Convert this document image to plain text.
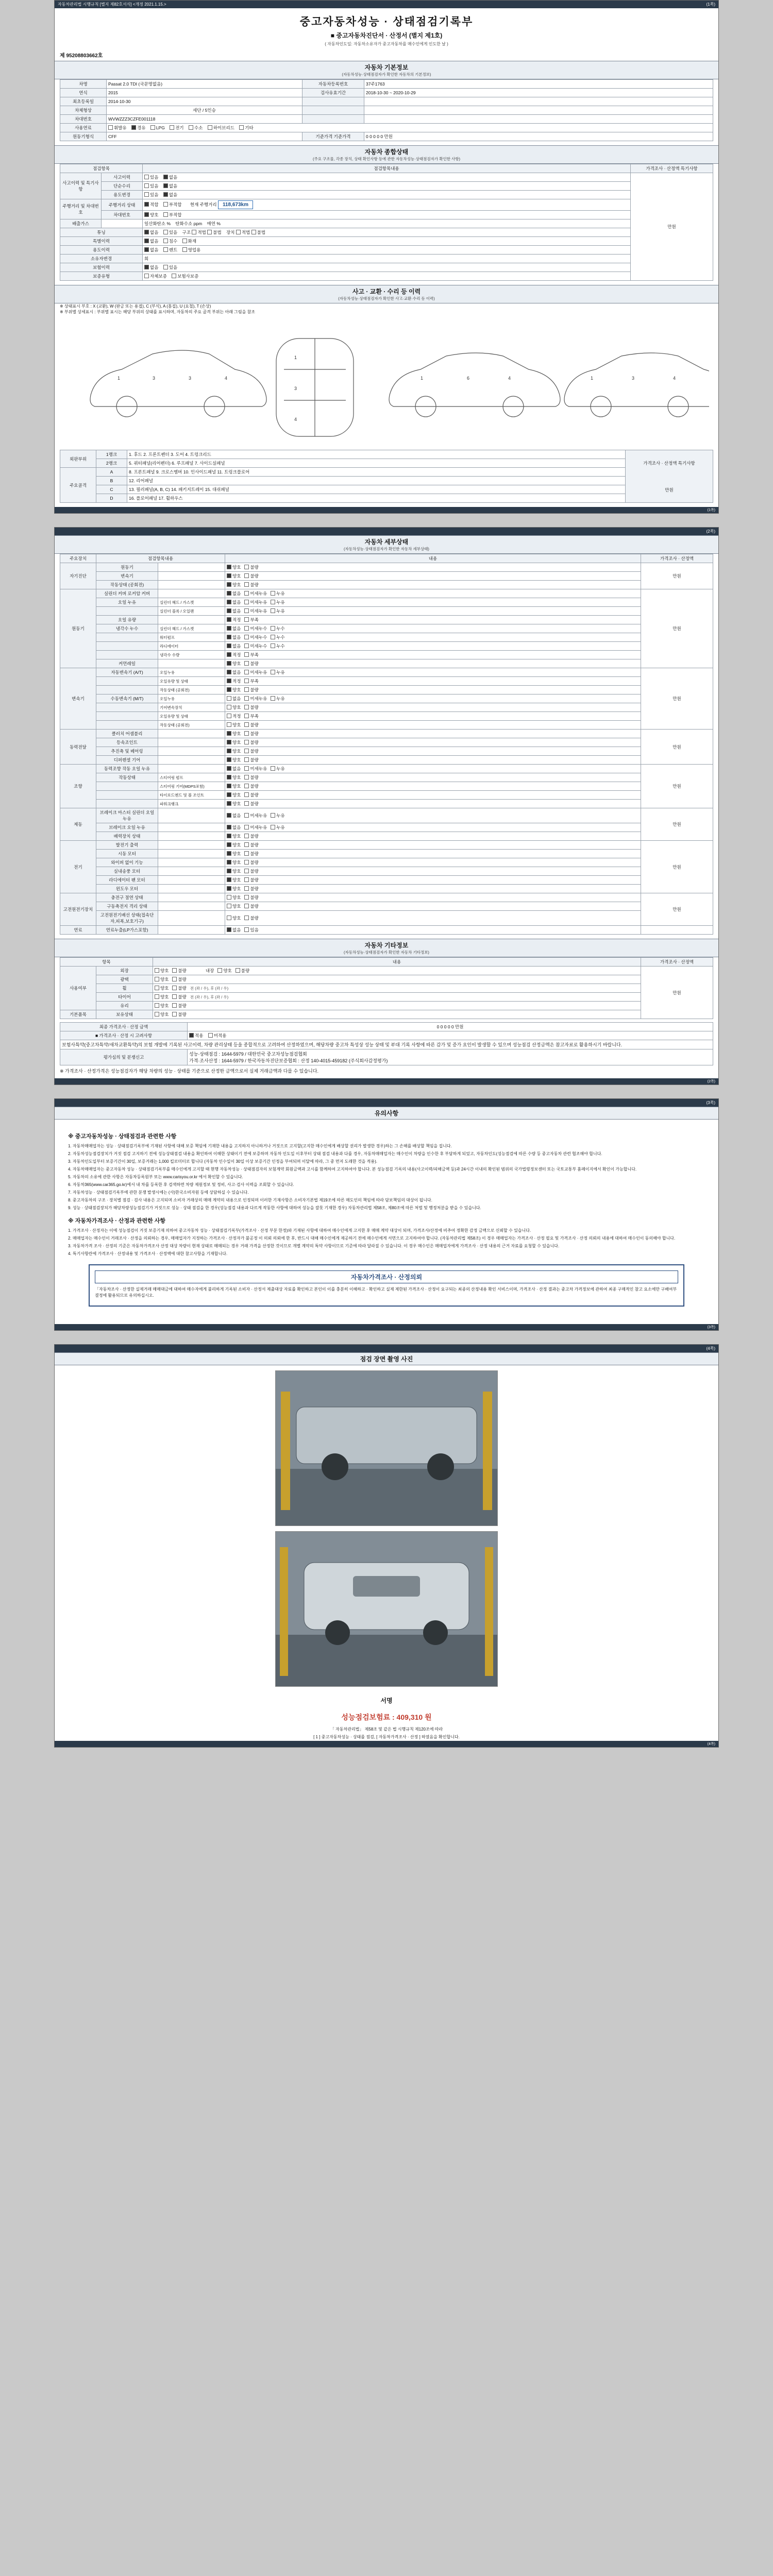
자동차관리법 시행규칙 [별지 제82호서식] <개정 2021.1.15.>	(1쪽)
중고자동차성능 · 상태점검기록부
■ 중고자동차진단서 · 산정서 (별지 제1호)
( 자동차인도일: 자동차소유자가 중고자동차를 매수인에게 인도한 날 )
제 95208803662호
자동차 기본정보
(자동차성능·상태점검자가 확인한 자동차의 기본정보)
차명	Passat 2.0 TDI (국문명없음)	자동차등록번호	37주1763
연식	2015	검사유효기간	2018-10-30 ~ 2020-10-29
최초등록일	2014-10-30		
차체형상	세단 / 5인승		
차대번호	WVWZZZ3CZFE001118		
사용연료	휘발유 경유 LPG 전기 수소 하이브리드 기타		
원동기형식	CFF	기준가격 기준가격	0 0 0 0 0 만원
자동차 종합상태
(주요 구조물, 각종 장치, 상태 확인사항 등에 관한 자동차성능·상태점검자가 확인한 사항)
점검항목		점검항목내용	가격조사 · 산정액 특기사항
사고이력 및 특기사항	사고이력	있음 없음	만원
	단순수리	있음 없음	
	용도변경	있음 없음	
주행거리 및 차대번호	주행거리 상태	적합 부적합 현재 주행거리 118,673km	
	차대번호	양호 부적합	
배출가스		일산화탄소 % 탄화수소 ppm 매연 %	
튜닝		없음 있음 구조 적법 불법 장치 적법 불법	
특별이력		없음 침수 화재	
용도이력		없음 렌트 영업용	
소유자변경		회	
보험이력		없음 있음	
보증유형		자체보증 보험사보증	
사고 · 교환 · 수리 등 이력
(자동차성능·상태점검자가 확인한 사고·교환·수리 등 이력)
※ 상태표시 부호 : X (교환), W (판금 또는 용접), C (부식), A (흠집), U (요철), T (손상)
※ 부위별 상세표시 : 부위별 표시는 해당 부위의 상태를 표시하며, 자동차의 주요 골격 부위는 아래 그림을 참조
1	3	3	4
1
3
4
1	6	4	1	3	4
외판부위	1랭크	1. 후드 2. 프론트펜더 3. 도어 4. 트렁크리드	가격조사 · 산정액 특기사항
만원

	2랭크	5. 쿼터패널(리어펜더) 6. 루프패널 7. 사이드실패널	
주요골격	A	8. 프론트패널 9. 크로스멤버 10. 인사이드패널 11. 트렁크플로어	
	B	12. 리어패널	
	C	13. 필러패널(A, B, C) 14. 패키지트레이 15. 대쉬패널	
	D	16. 플로어패널 17. 휠하우스	
(1쪽)

(2쪽)
자동차 세부상태
(자동차성능·상태점검자가 확인한 자동차 세부상태)
주요장치	점검항목내용		내용	가격조사 · 산정액
자기진단	원동기		양호 불량	만원
	변속기		양호 불량	
	작동상태 (공회전)		양호 불량	
원동기	실린더 커버 로커암 커버		없음 미세누유 누유	만원
	오일 누유	실린더 헤드 / 가스켓	없음 미세누유 누유	
		실린더 블록 / 오일팬	없음 미세누유 누유	
	오일 유량		적정 부족	
	냉각수 누수	실린더 헤드 / 가스켓	없음 미세누수 누수	
		워터펌프	없음 미세누수 누수	
		라디에이터	없음 미세누수 누수	
		냉각수 수량	적정 부족	
	커먼레일		양호 불량	
변속기	자동변속기 (A/T)	오일누유	없음 미세누유 누유	만원
		오일유량 및 상태	적정 부족	
		작동상태 (공회전)	양호 불량	
	수동변속기 (M/T)	오일누유	없음 미세누유 누유	
		기어변속장치	양호 불량	
		오일유량 및 상태	적정 부족	
		작동상태 (공회전)	양호 불량	
동력전달	클러치 어셈블리		양호 불량	만원
	등속조인트		양호 불량	
	추진축 및 베어링		양호 불량	
	디퍼렌셜 기어		양호 불량	
조향	동력조향 작동 오일 누유		없음 미세누유 누유	만원
	작동상태	스티어링 펌프	양호 불량	
		스티어링 기어(MDPS포함)	양호 불량	
		타이로드엔드 및 볼 조인트	양호 불량	
		파워크랭크	양호 불량	
제동	브레이크 마스터 실린더 오일 누유		없음 미세누유 누유	만원
	브레이크 오일 누유		없음 미세누유 누유	
	배력장치 상태		양호 불량	
전기	발전기 출력		양호 불량	만원
	시동 모터		양호 불량	
	와이퍼 없이 기능		양호 불량	
	실내송풍 모터		양호 불량	
	라디에이터 팬 모터		양호 불량	
	윈도우 모터		양호 불량	
고전원전기장치	충전구 절연 상태		양호 불량	만원
	구동축전지 격리 상태		양호 불량	
	고전원전기배선 상태(접속단자,피복,보호기구)		양호 불량	
연료	연료누출(LP가스포함)		없음 있음	
자동차 기타정보
(자동차성능·상태점검자가 확인한 자동차 기타정보)
항목		내용	가격조사 · 산정액
사용여부	외장	양호 불량 내장양호 불량	만원
	광택	양호 불량	
	휠	양호 불량 전 (좌 / 우), 후 (좌 / 우)	
	타이어	양호 불량 전 (좌 / 우), 후 (좌 / 우)	
	유리	양호 불량	
기본품목	보유상태	양호 불량	
최종 가격조사 · 산정 금액	0 0 0 0 0 만원
■ 가격조사 · 산정 시 고려사항	적용 미적용
보험사특약(중고차특약/새차교환특약)의 보험 개발에 기록된 사고이력, 차량 관리상태 등을 종합적으로 고려하여 산정하였으며, 해당차량 중고차 특성상 성능 상태 및 부대 기록 사항에 따른 감가 및 증가 요인이 발생할 수 있으며 성능점검 산정금액은 참고자료로 활용하시기 바랍니다.	
평가심의 및 분쟁신고	성능·상태점검 : 1644-5979 / 대한민국 중고차성능점검협회
가격·조사산정 : 1644-5979 / 한국자동차진단보증협회 : 산정 140-4015-459182 (주식회사감정평가)
※ 가격조사 · 산정가격은 성능점검자가 해당 차량의 성능 · 상태를 기준으로 산정한 금액으로서 실제 거래금액과 다를 수 있습니다.
(2쪽)

(3쪽)
유의사항
※ 중고자동차성능 · 상태점검과 관련한 사항

1. 자동차매매업자는 성능 · 상태점검기록부에 기재된 사항에 대해 보증 책임에 기재한 내용을 고지하지 아니하거나 거짓으로 고지할(고지한 매수인에게 배상할 권리가 발생한 경우)하는 그 손해를 배상할 책임을 집니다.

2. 자동차성능점검장치가 거짓 점검 고지하기 전에 성능상태점검 내용을 확인하여 이해한 상태이기 전에 보증하며 자동차 인도일 이후부터 상태 점검 내용과 다를 경우, 자동차매매업자는 매수인이 차량을 인수한 후 부담하게 되었고, 자동차인도(성능점검에 따른 수량 등 중고자동차 관련 협조해야 합니다.

3. 자동차인도일부터 보증기간이 30일, 보증거래는 1,000 킬로미터로 합니다 (자동차 인수일이 30일 이상 보증기간 인정을 부여되며 이달에 따라, 그 중 먼저 도래한 것을 적용).

4. 자동차매매업자는 중고자동차 성능 · 상태점검기록부를 매수인에게 고지할 때 현행 자동차성능 · 상태점검자의 보험계약 회원금액과 고시를 함께하여 고지하여야 합니다. 본 성능점검 기록의 내용(사고이력/피해금액 등)과 24시간 이내의 확인된 범위의 국가법령정보센터 또는 국토교통부 홈페이지에서 확인이 가능합니다.

5. 자동차의 소유에 관한 사항은 자동차등록원부 또는 www.carisyou.or.kr 에서 확인할 수 있습니다.

6. 자동차365(www.car365.go.kr)에서 내 차를 등록한 후 검색하면 차량 제원정보 및 정비, 사고·검사 이력을 조회할 수 있습니다.

7. 자동차성능 · 상태점검기록부에 관한 분쟁 발생시에는 (사)한국소비자원 등에 상담하실 수 있습니다.

8. 중고자동차의 구조 · 장치별 점검 · 검사 내용은 고지되며 소비자 거래상의 매매 계약의 내용으로 인정되며 이러한 기재사항은 소비자기본법 제19조에 따른 매도인의 책임에 따라 담보책임의 대상이 됩니다.

9. 성능 · 상태점검장치가 해당차량성능점검기가 거짓으로 성능 · 상태 점검을 한 경우(성능점검 내용과 다르게 작동한 사항에 대하여 성능을 잘못 기재한 경우) 자동차관리법 제58조, 제80조에 따른 처벌 및 행정처분을 받을 수 있습니다.

※ 자동차가격조사 · 산정과 관련한 사항

1. 가격조사 · 산정자는 이에 성능점검이 거짓 보증기재 의하여 중고자동차 성능 · 상태점검기록부(가격조사 · 산정 부분 한정)와 기재된 사항에 대하여 매수인에게 고지한 후 매매 계약 대상이 되며, 가격조사/산정에 비추어 정확한 감정 금액으로 신뢰할 수 있습니다.

2. 매매업자는 매수인이 거래조사 · 산정을 의뢰하는 경우, 매매업자가 지정하는 가격조사 · 산정자가 불공정 이 의뢰 의뢰에 한 후, 반드시 대해 매수인에게 제공하기 전에 매수인에게 서면으로 고지하여야 합니다. (자동차관리법 제58조) 이 경우 매매업자는 가격조사 · 산정 필요 및 가격조사 · 산정 의뢰의 내용에 대하여 매수인이 동의해야 합니다.

3. 자동차가격 조사 · 산정의 기준은 자동차가격조사 산정 대상 차량이 현재 상태로 매매되는 경우 거래 가격을 산정한 것이므로 개별 계약의 특약 사항이므로 기준에 따라 달라질 수 있습니다. 이 경우 매수인은 매매업자에게 가격조사 · 산정 내용의 근거 자료를 요청할 수 있습니다.

4. 특기사항란에 가격조사 · 산정내용 및 가격조사 · 산정액에 대한 참고사항을 기재합니다.

자동차가격조사 · 산정의뢰

「자동차조사 · 산정한 실제거래 매매대금에 대하여 매수자에게 불리하게 기록된 소비자 · 산정서 제출대상 자료를 확인하고 본인이 이를 충분히 이해하고 · 확인하고 실제 제한된 가격조사 · 산정이 요구되는 최종의 산정내용 확인 서비스이며, 가격조사 · 산정 결과는 중고차 가격정보에 관하여 최종 구매적인 참고 요소에만 구배여부 결정에 활용되므로 유의하십시오.

(3쪽)

(4쪽)
점검 장면 촬영 사진
서명
성능점검보험료 : 409,310 원
「 자동차관리법」 제58조 및 같은 법 시행규칙 제120조에 따라
[ 1 ] 중고자동차성능 · 상태를 점검, [ 자동차가격조사 · 산정 ] 하였음을 확인합니다.
(4쪽)
